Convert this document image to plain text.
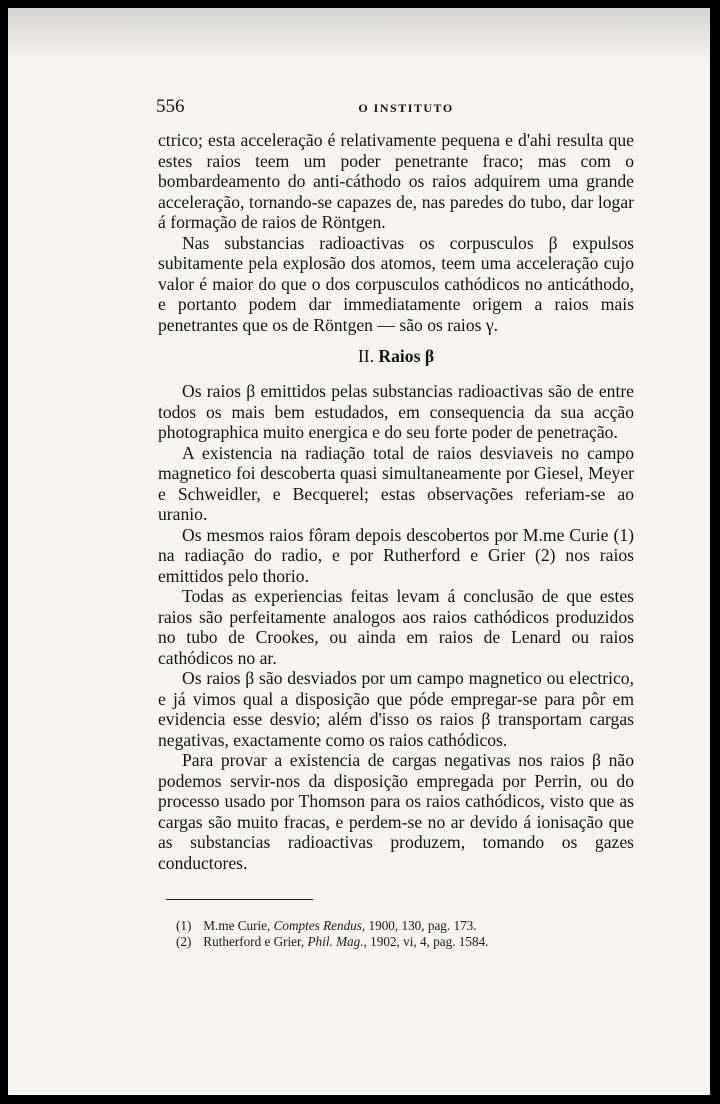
556	O INSTITUTO

ctrico; esta acceleração é relativamente pequena e d'ahi resulta que estes raios teem um poder penetrante fraco; mas com o bombardeamento do anti-cáthodo os raios adquirem uma grande acceleração, tornando-se capazes de, nas paredes do tubo, dar logar á formação de raios de Röntgen.

Nas substancias radioactivas os corpusculos β expulsos subitamente pela explosão dos atomos, teem uma acceleração cujo valor é maior do que o dos corpusculos cathódicos no anticáthodo, e portanto podem dar immediatamente origem a raios mais penetrantes que os de Röntgen — são os raios γ.

II. Raios β

Os raios β emittidos pelas substancias radioactivas são de entre todos os mais bem estudados, em consequencia da sua acção photographica muito energica e do seu forte poder de penetração.

A existencia na radiação total de raios desviaveis no campo magnetico foi descoberta quasi simultaneamente por Giesel, Meyer e Schweidler, e Becquerel; estas observações referiam-se ao uranio.

Os mesmos raios fôram depois descobertos por M.me Curie (1) na radiação do radio, e por Rutherford e Grier (2) nos raios emittidos pelo thorio.

Todas as experiencias feitas levam á conclusão de que estes raios são perfeitamente analogos aos raios cathódicos produzidos no tubo de Crookes, ou ainda em raios de Lenard ou raios cathódicos no ar.

Os raios β são desviados por um campo magnetico ou electrico, e já vimos qual a disposição que póde empregar-se para pôr em evidencia esse desvio; além d'isso os raios β transportam cargas negativas, exactamente como os raios cathódicos.

Para provar a existencia de cargas negativas nos raios β não podemos servir-nos da disposição empregada por Perrin, ou do processo usado por Thomson para os raios cathódicos, visto que as cargas são muito fracas, e perdem-se no ar devido á ionisação que as substancias radioactivas produzem, tomando os gazes conductores.

(1) M.me Curie, Comptes Rendus, 1900, 130, pag. 173.
(2) Rutherford e Grier, Phil. Mag., 1902, vi, 4, pag. 1584.
